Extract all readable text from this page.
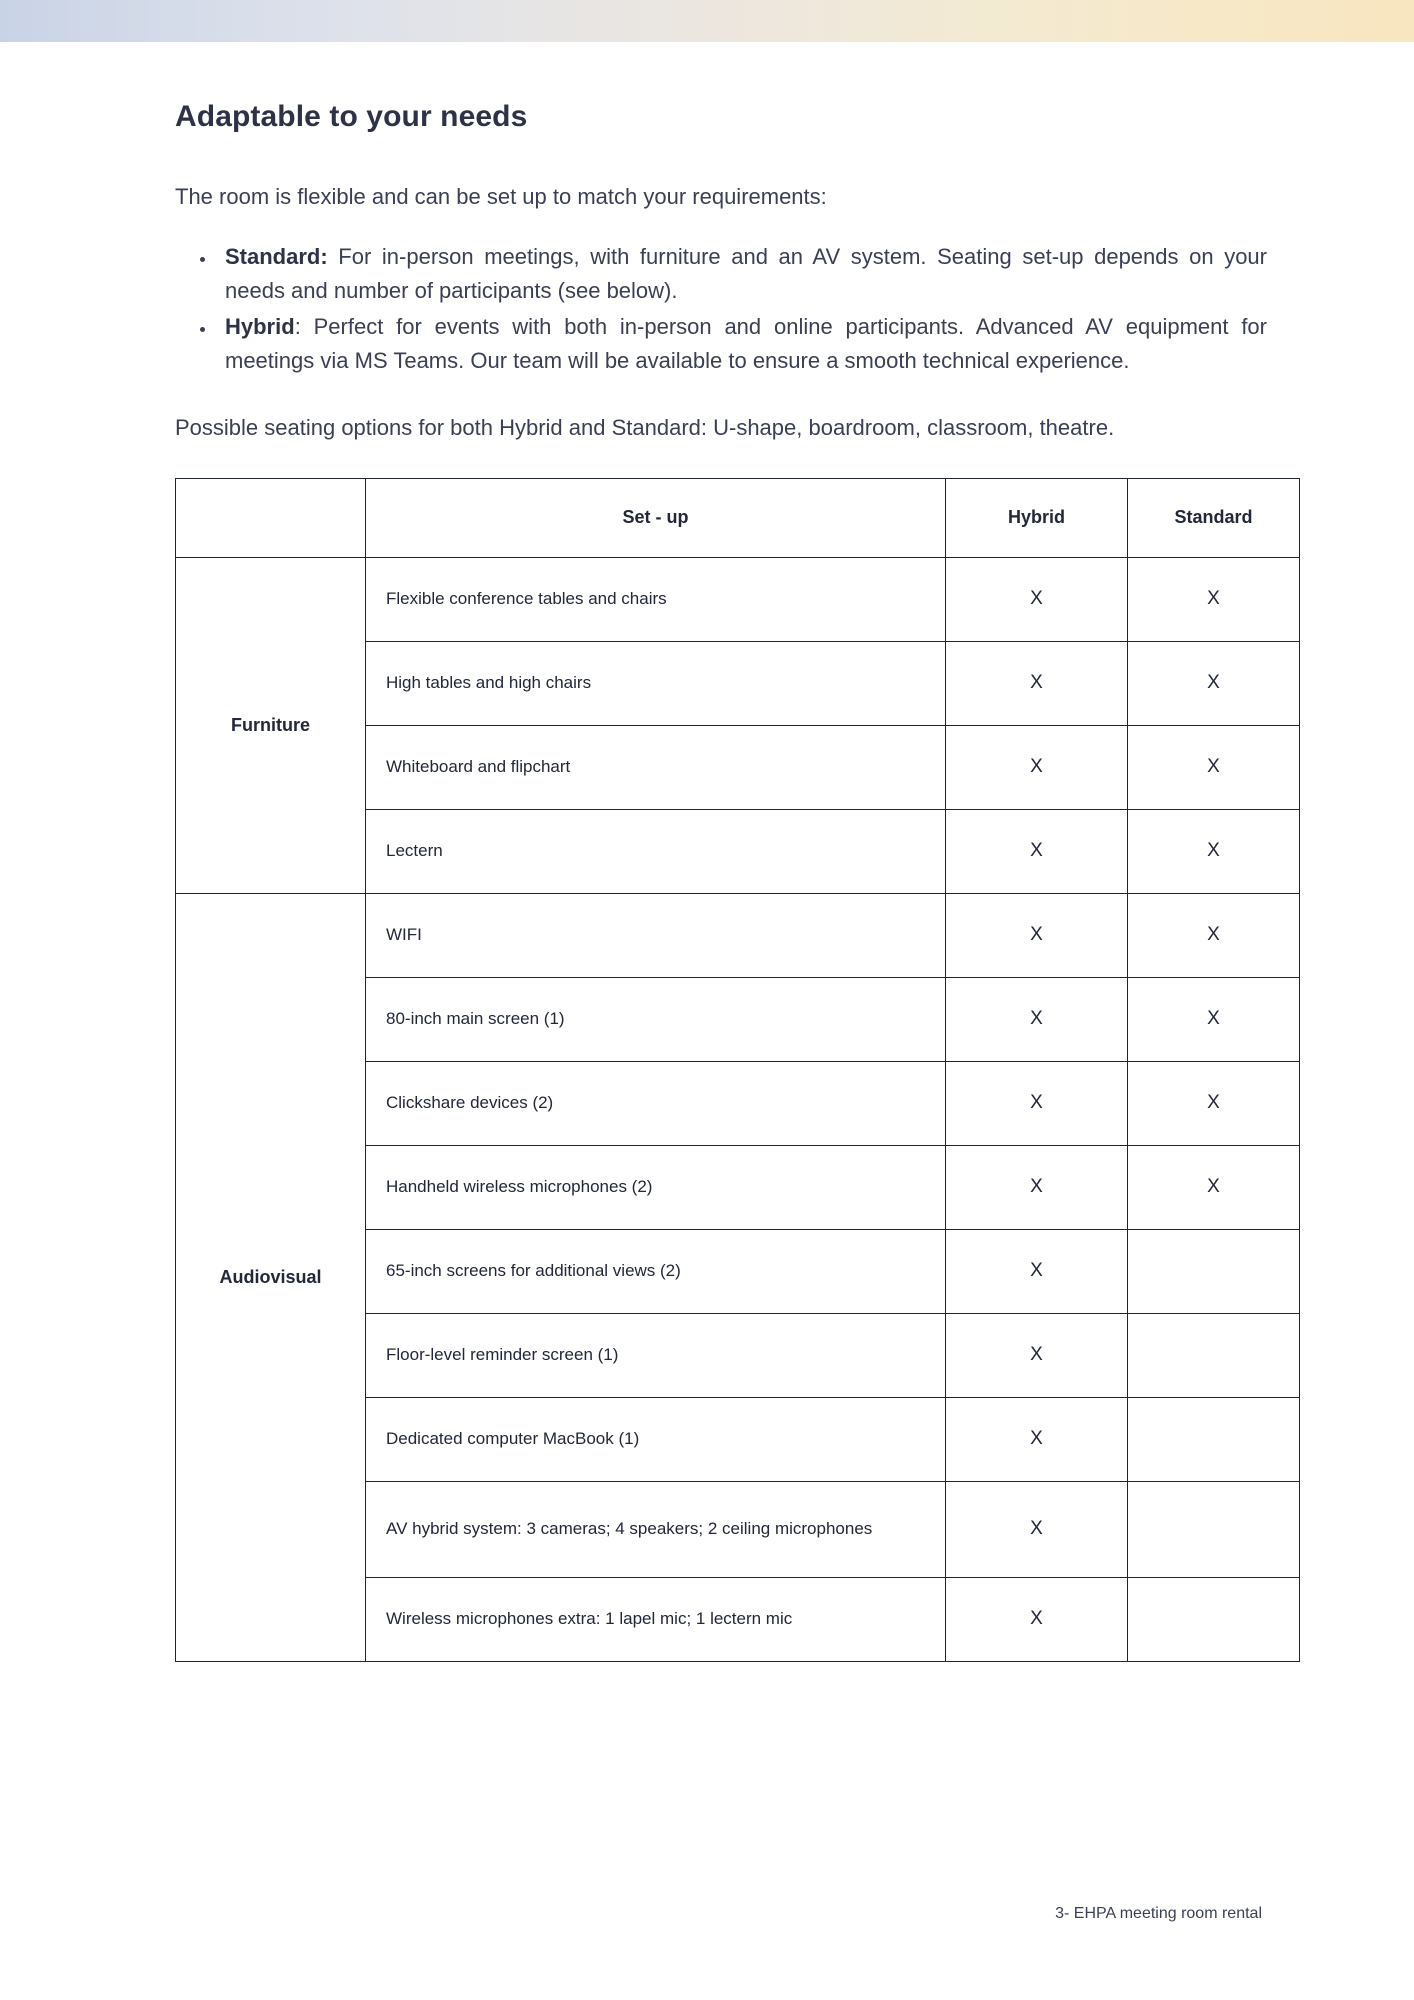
Adaptable to your needs

The room is flexible and can be set up to match your requirements:

• Standard: For in-person meetings, with furniture and an AV system. Seating set-up depends on your needs and number of participants (see below).
• Hybrid: Perfect for events with both in-person and online participants. Advanced AV equipment for meetings via MS Teams. Our team will be available to ensure a smooth technical experience.

Possible seating options for both Hybrid and Standard: U-shape, boardroom, classroom, theatre.

	Set - up	Hybrid	Standard
Furniture	Flexible conference tables and chairs	X	X
	High tables and high chairs	X	X
	Whiteboard and flipchart	X	X
	Lectern	X	X
Audiovisual	WIFI	X	X
	80-inch main screen (1)	X	X
	Clickshare devices (2)	X	X
	Handheld wireless microphones (2)	X	X
	65-inch screens for additional views (2)	X	
	Floor-level reminder screen (1)	X	
	Dedicated computer MacBook (1)	X	
	AV hybrid system: 3 cameras; 4 speakers; 2 ceiling microphones	X	
	Wireless microphones extra: 1 lapel mic; 1 lectern mic	X	
3- EHPA meeting room rental
